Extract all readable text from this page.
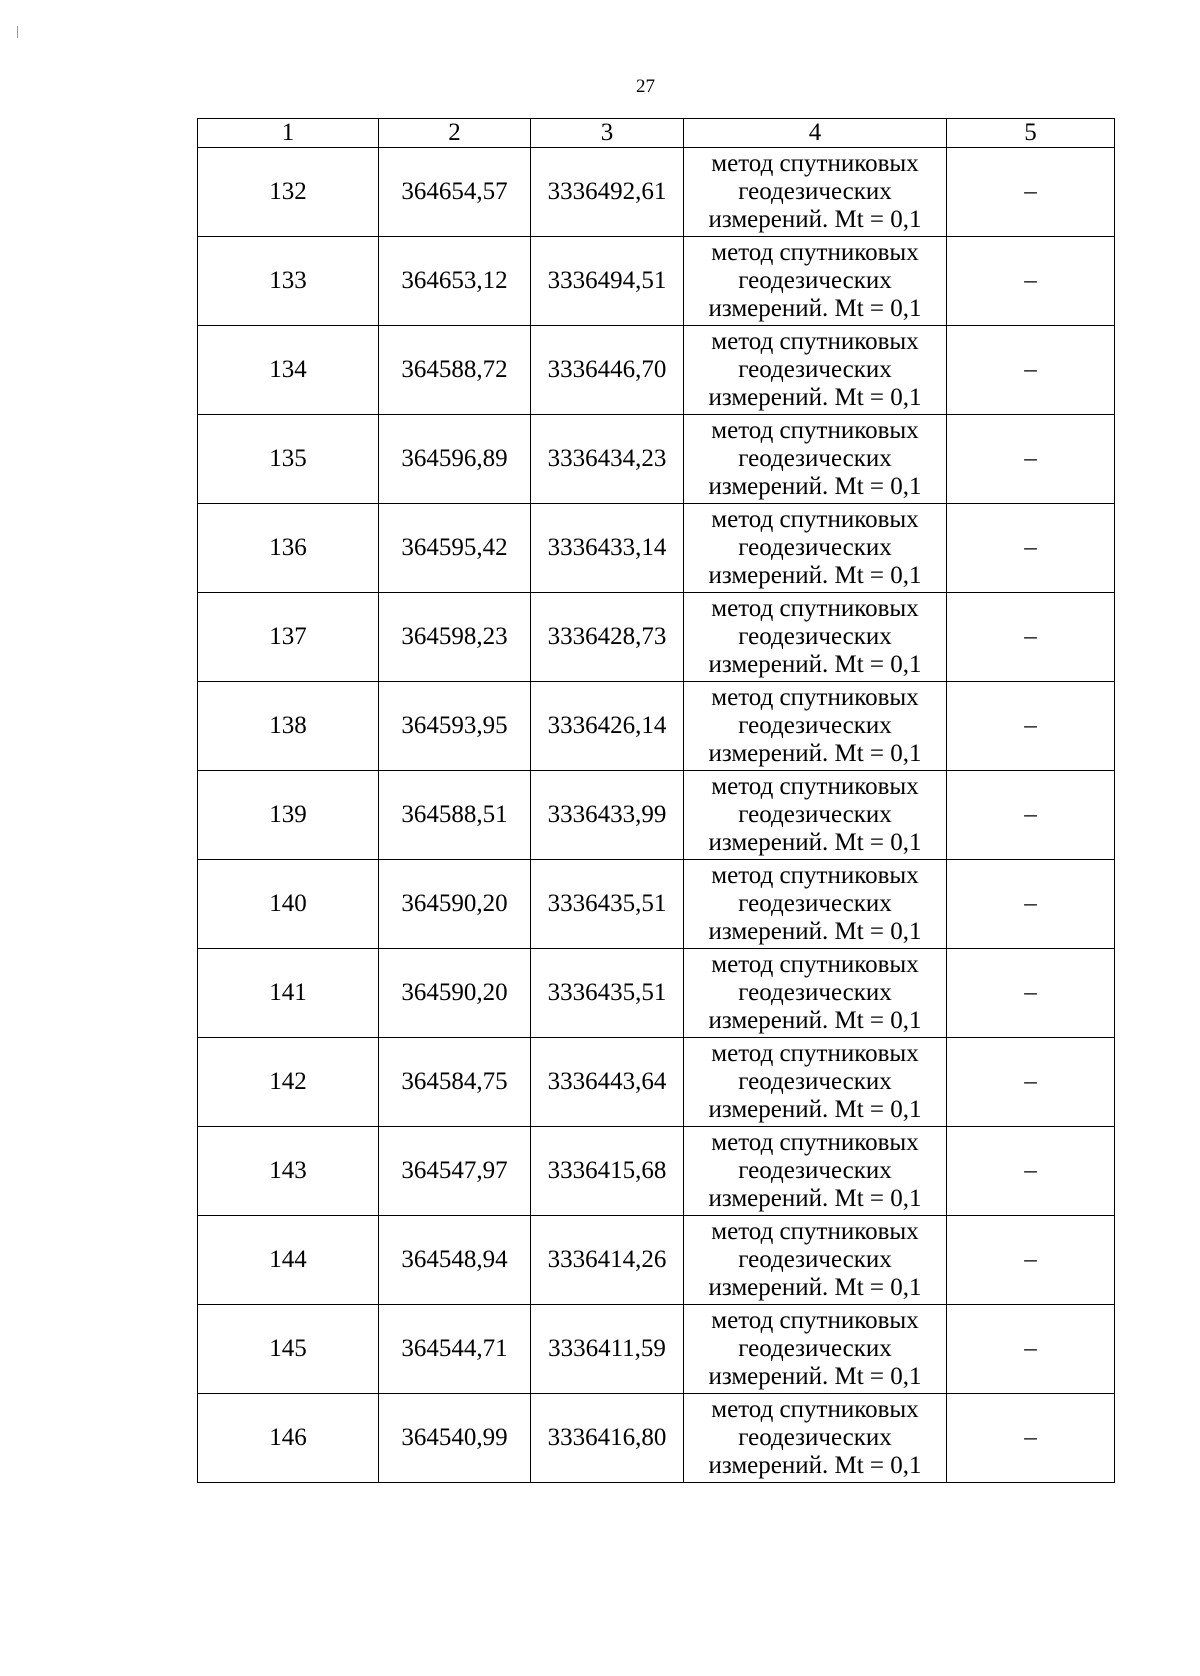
27
1	2	3	4	5
132	364654,57	3336492,61	метод спутниковых
геодезических
измерений. Mt = 0,1	–
133	364653,12	3336494,51	метод спутниковых
геодезических
измерений. Mt = 0,1	–
134	364588,72	3336446,70	метод спутниковых
геодезических
измерений. Mt = 0,1	–
135	364596,89	3336434,23	метод спутниковых
геодезических
измерений. Mt = 0,1	–
136	364595,42	3336433,14	метод спутниковых
геодезических
измерений. Mt = 0,1	–
137	364598,23	3336428,73	метод спутниковых
геодезических
измерений. Mt = 0,1	–
138	364593,95	3336426,14	метод спутниковых
геодезических
измерений. Mt = 0,1	–
139	364588,51	3336433,99	метод спутниковых
геодезических
измерений. Mt = 0,1	–
140	364590,20	3336435,51	метод спутниковых
геодезических
измерений. Mt = 0,1	–
141	364590,20	3336435,51	метод спутниковых
геодезических
измерений. Mt = 0,1	–
142	364584,75	3336443,64	метод спутниковых
геодезических
измерений. Mt = 0,1	–
143	364547,97	3336415,68	метод спутниковых
геодезических
измерений. Mt = 0,1	–
144	364548,94	3336414,26	метод спутниковых
геодезических
измерений. Mt = 0,1	–
145	364544,71	3336411,59	метод спутниковых
геодезических
измерений. Mt = 0,1	–
146	364540,99	3336416,80	метод спутниковых
геодезических
измерений. Mt = 0,1	–
